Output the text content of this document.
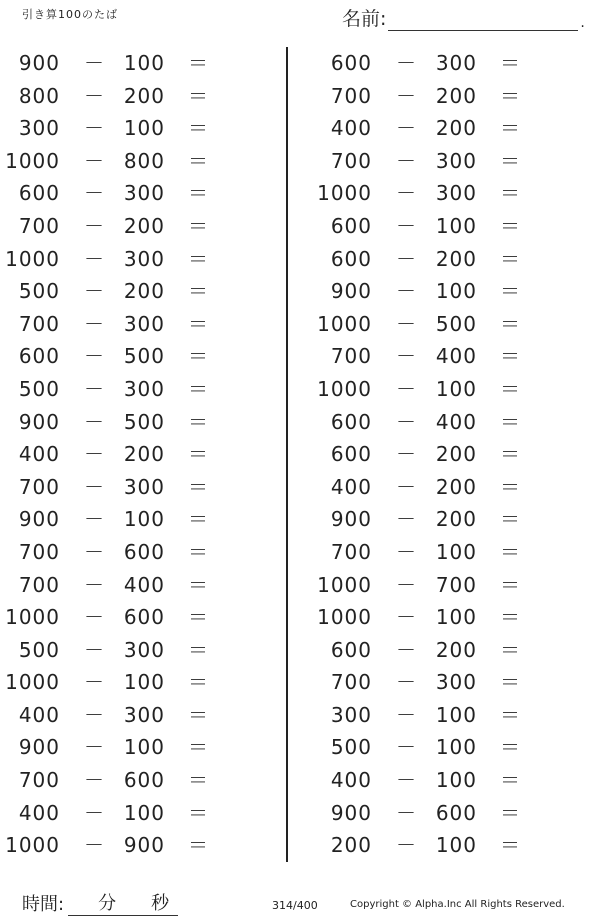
引き算100のたば	名前:	.
900 － 100 ＝
800 － 200 ＝
300 － 100 ＝
1000 － 800 ＝
600 － 300 ＝
700 － 200 ＝
1000 － 300 ＝
500 － 200 ＝
700 － 300 ＝
600 － 500 ＝
500 － 300 ＝
900 － 500 ＝
400 － 200 ＝
700 － 300 ＝
900 － 100 ＝
700 － 600 ＝
700 － 400 ＝
1000 － 600 ＝
500 － 300 ＝
1000 － 100 ＝
400 － 300 ＝
900 － 100 ＝
700 － 600 ＝
400 － 100 ＝
1000 － 900 ＝
600 － 300 ＝
700 － 200 ＝
400 － 200 ＝
700 － 300 ＝
1000 － 300 ＝
600 － 100 ＝
600 － 200 ＝
900 － 100 ＝
1000 － 500 ＝
700 － 400 ＝
1000 － 100 ＝
600 － 400 ＝
600 － 200 ＝
400 － 200 ＝
900 － 200 ＝
700 － 100 ＝
1000 － 700 ＝
1000 － 100 ＝
600 － 200 ＝
700 － 300 ＝
300 － 100 ＝
500 － 100 ＝
400 － 100 ＝
900 － 600 ＝
200 － 100 ＝
時間: 分 秒	314/400	Copyright © Alpha.Inc All Rights Reserved.
